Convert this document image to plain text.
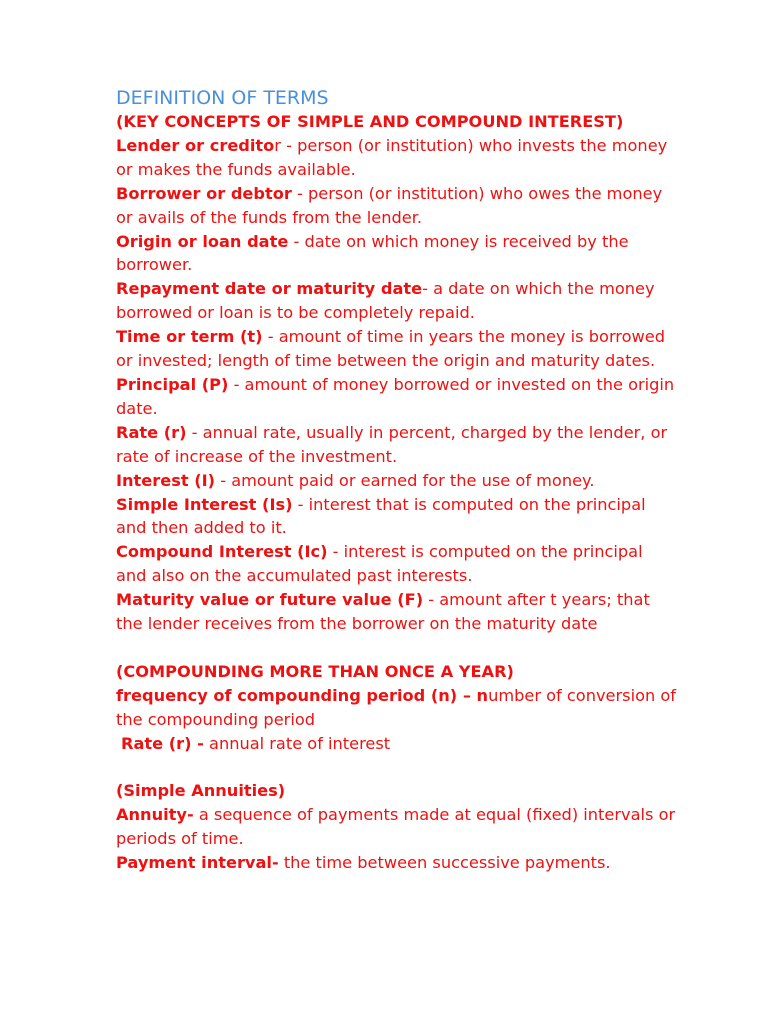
DEFINITION OF TERMS

(KEY CONCEPTS OF SIMPLE AND COMPOUND INTEREST)

Lender or creditor - person (or institution) who invests the money or makes the funds available.

Borrower or debtor - person (or institution) who owes the money or avails of the funds from the lender.

Origin or loan date - date on which money is received by the borrower.

Repayment date or maturity date- a date on which the money borrowed or loan is to be completely repaid.

Time or term (t) - amount of time in years the money is borrowed or invested; length of time between the origin and maturity dates.

Principal (P) - amount of money borrowed or invested on the origin date.

Rate (r) - annual rate, usually in percent, charged by the lender, or rate of increase of the investment.

Interest (I) - amount paid or earned for the use of money.

Simple Interest (Is) - interest that is computed on the principal and then added to it.

Compound Interest (Ic) - interest is computed on the principal and also on the accumulated past interests.

Maturity value or future value (F) - amount after t years; that the lender receives from the borrower on the maturity date

(COMPOUNDING MORE THAN ONCE A YEAR)

frequency of compounding period (n) – number of conversion of the compounding period

Rate (r) - annual rate of interest

(Simple Annuities)

Annuity- a sequence of payments made at equal (fixed) intervals or periods of time.

Payment interval- the time between successive payments.
